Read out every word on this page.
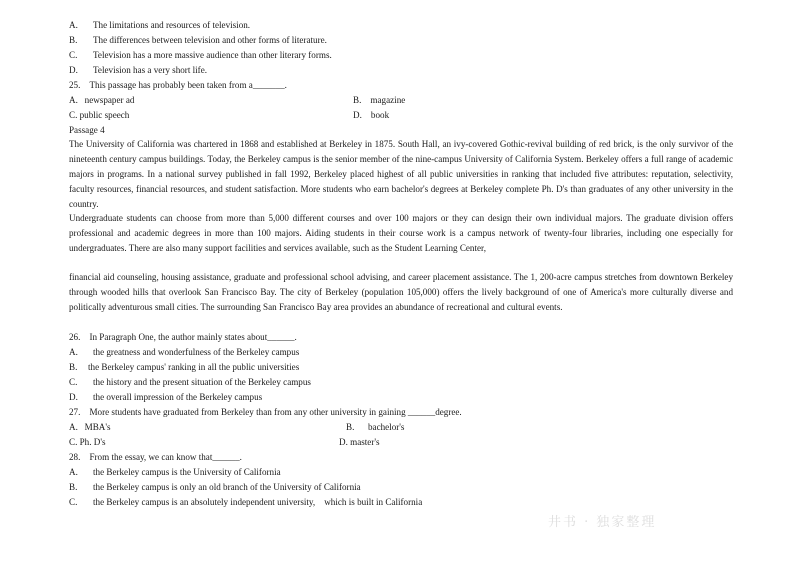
A. The limitations and resources of television.
B. The differences between television and other forms of literature.
C. Television has a more massive audience than other literary forms.
D. Television has a very short life.
25.    This passage has probably been taken from a_______.
A.   newspaper ad	B.    magazine
C. public speech	D.    book
Passage 4
The University of California was chartered in 1868 and established at Berkeley in 1875. South Hall, an ivy-covered Gothic-revival building of red brick, is the only survivor of the nineteenth century campus buildings. Today, the Berkeley campus is the senior member of the nine-campus University of California System. Berkeley offers a full range of academic majors in programs. In a national survey published in fall 1992, Berkeley placed highest of all public universities in ranking that included five attributes: reputation, selectivity, faculty resources, financial resources, and student satisfaction. More students who earn bachelor's degrees at Berkeley complete Ph. D's than graduates of any other university in the country.
Undergraduate students can choose from more than 5,000 different courses and over 100 majors or they can design their own individual majors. The graduate division offers professional and academic degrees in more than 100 majors. Aiding students in their course work is a campus network of twenty-four libraries, including one especially for undergraduates. There are also many support facilities and services available, such as the Student Learning Center,
financial aid counseling, housing assistance, graduate and professional school advising, and career placement assistance. The 1, 200-acre campus stretches from downtown Berkeley through wooded hills that overlook San Francisco Bay. The city of Berkeley (population 105,000) offers the lively background of one of America's more culturally diverse and politically adventurous small cities. The surrounding San Francisco Bay area provides an abundance of recreational and cultural events.
26.    In Paragraph One, the author mainly states about______.
A. the greatness and wonderfulness of the Berkeley campus
B. the Berkeley campus' ranking in all the public universities
C. the history and the present situation of the Berkeley campus
D. the overall impression of the Berkeley campus
27.    More students have graduated from Berkeley than from any other university in gaining ______degree.
A.   MBA's	B.      bachelor's
C. Ph. D's	D. master's
28.    From the essay, we can know that______.
A. the Berkeley campus is the University of California
B. the Berkeley campus is only an old branch of the University of California
C. the Berkeley campus is an absolutely independent university,    which is built in California
井书 · 独家整理
